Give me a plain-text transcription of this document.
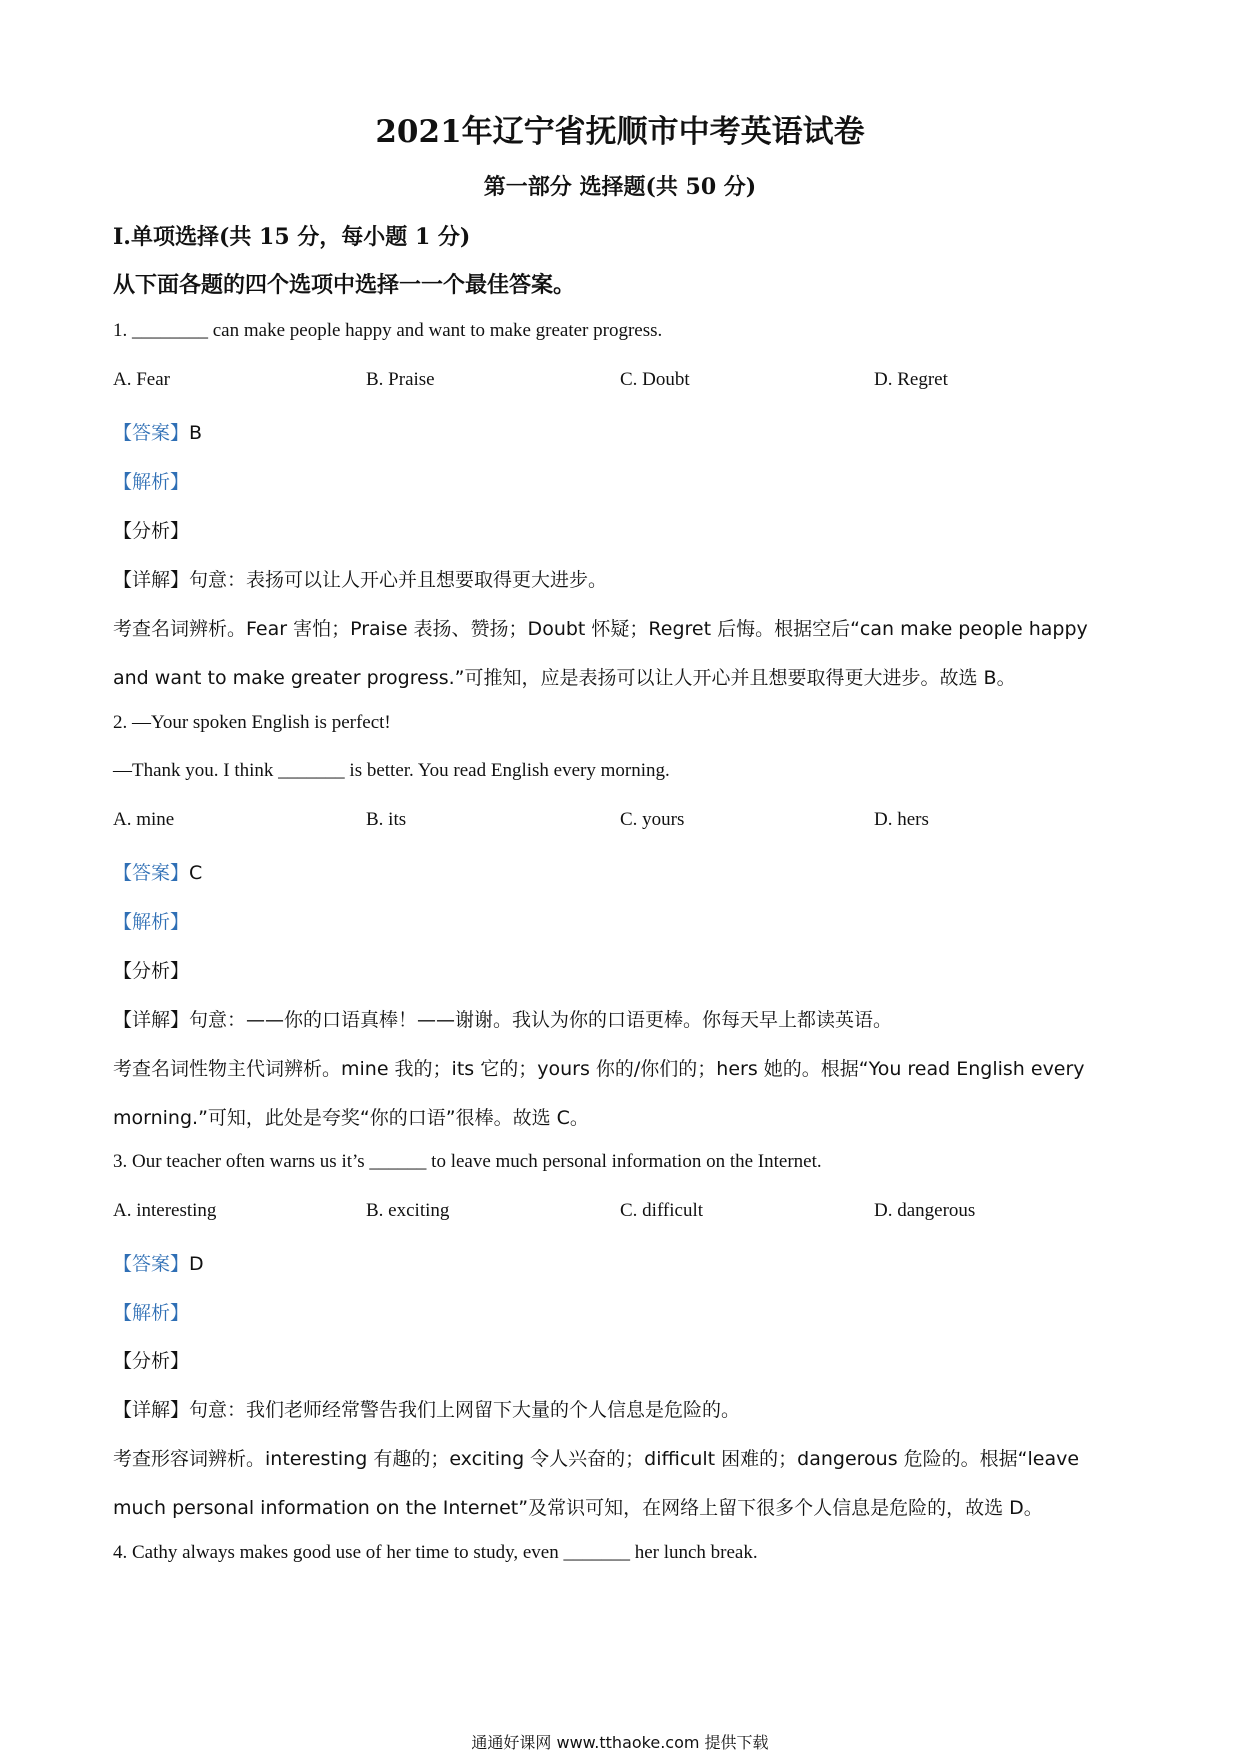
2021年辽宁省抚顺市中考英语试卷
第一部分 选择题(共 50 分)
Ⅰ.单项选择(共 15 分，每小题 1 分)
从下面各题的四个选项中选择一一个最佳答案。
1. ________ can make people happy and want to make greater progress.
A. Fear	B. Praise	C. Doubt	D. Regret
【答案】B
【解析】
【分析】
【详解】句意：表扬可以让人开心并且想要取得更大进步。
考查名词辨析。Fear 害怕；Praise 表扬、赞扬；Doubt 怀疑；Regret 后悔。根据空后“can make people happy
and want to make greater progress.”可推知，应是表扬可以让人开心并且想要取得更大进步。故选 B。
2. —Your spoken English is perfect!
—Thank you. I think _______ is better. You read English every morning.
A. mine	B. its	C. yours	D. hers
【答案】C
【解析】
【分析】
【详解】句意：——你的口语真棒！——谢谢。我认为你的口语更棒。你每天早上都读英语。
考查名词性物主代词辨析。mine 我的；its 它的；yours 你的/你们的；hers 她的。根据“You read English every
morning.”可知，此处是夸奖“你的口语”很棒。故选 C。
3. Our teacher often warns us it’s ______ to leave much personal information on the Internet.
A. interesting	B. exciting	C. difficult	D. dangerous
【答案】D
【解析】
【分析】
【详解】句意：我们老师经常警告我们上网留下大量的个人信息是危险的。
考查形容词辨析。interesting 有趣的；exciting 令人兴奋的；difficult 困难的；dangerous 危险的。根据“leave
much personal information on the Internet”及常识可知，在网络上留下很多个人信息是危险的，故选 D。
4. Cathy always makes good use of her time to study, even _______ her lunch break.
通通好课网 www.tthaoke.com 提供下载
